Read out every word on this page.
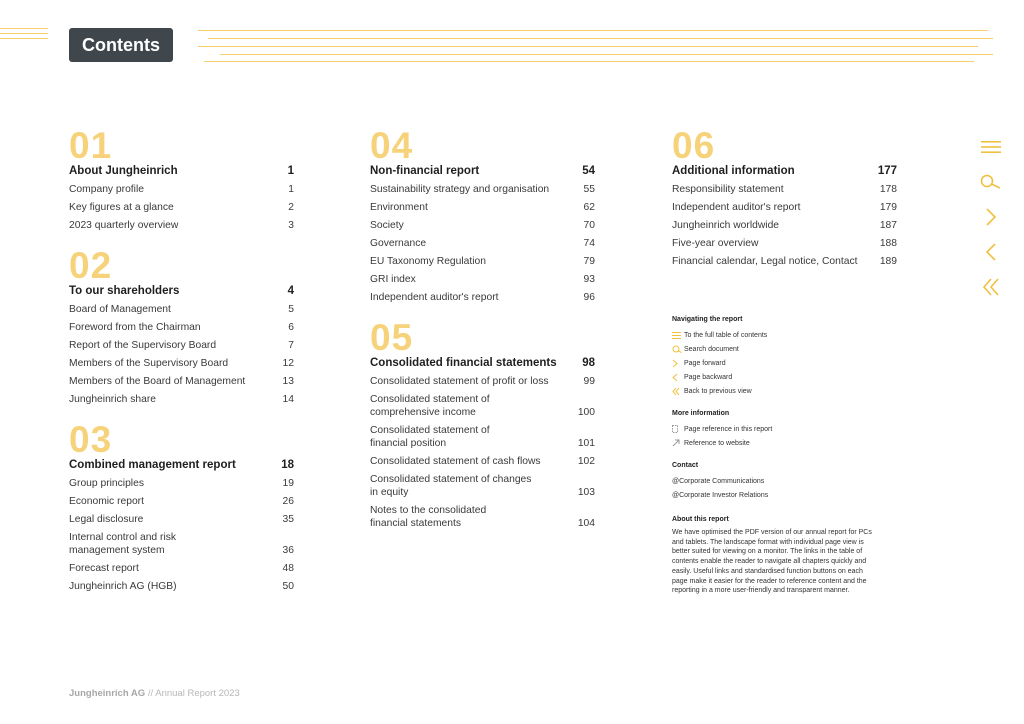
Contents
01
About Jungheinrich	1
Company profile	1
Key figures at a glance	2
2023 quarterly overview	3
02
To our shareholders	4
Board of Management	5
Foreword from the Chairman	6
Report of the Supervisory Board	7
Members of the Supervisory Board	12
Members of the Board of Management	13
Jungheinrich share	14
03
Combined management report	18
Group principles	19
Economic report	26
Legal disclosure	35
Internal control and risk
management system	36
Forecast report	48
Jungheinrich AG (HGB)	50
04
Non-financial report	54
Sustainability strategy and organisation	55
Environment	62
Society	70
Governance	74
EU Taxonomy Regulation	79
GRI index	93
Independent auditor's report	96
05
Consolidated financial statements	98
Consolidated statement of profit or loss	99
Consolidated statement of
comprehensive income	100
Consolidated statement of
financial position	101
Consolidated statement of cash flows	102
Consolidated statement of changes
in equity	103
Notes to the consolidated
financial statements	104
06
Additional information	177
Responsibility statement	178
Independent auditor's report	179
Jungheinrich worldwide	187
Five-year overview	188
Financial calendar, Legal notice, Contact	189
Navigating the report
To the full table of contents
Search document
Page forward
Page backward
Back to previous view
More information
Page reference in this report
Reference to website
Contact
@Corporate Communications
@Corporate Investor Relations
About this report

We have optimised the PDF version of our annual report for PCs

and tablets. The landscape format with individual page view is

better suited for viewing on a monitor. The links in the table of

contents enable the reader to navigate all chapters quickly and

easily. Useful links and standardised function buttons on each

page make it easier for the reader to reference content and the

reporting in a more user-friendly and transparent manner.

Jungheinrich AG // Annual Report 2023
